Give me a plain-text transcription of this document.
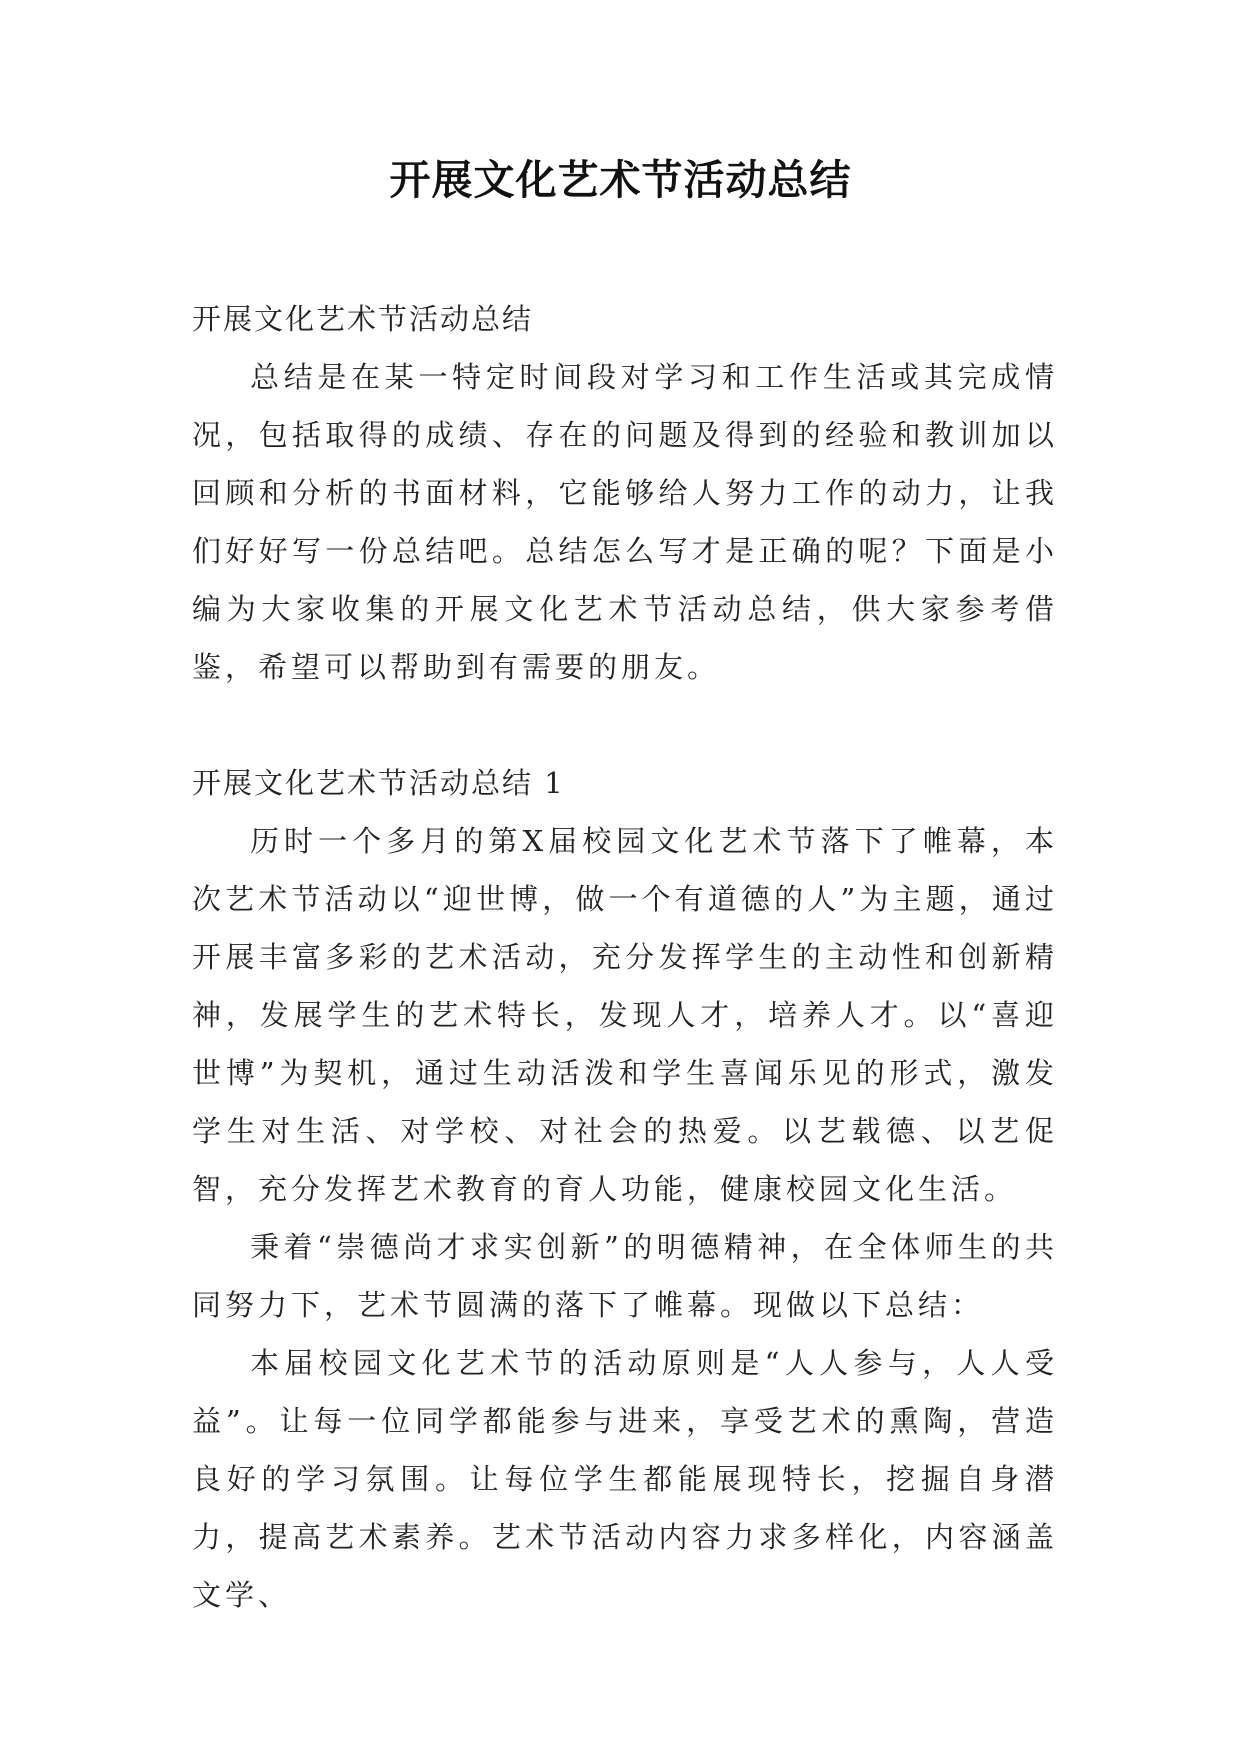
开展文化艺术节活动总结

开展文化艺术节活动总结

总结是在某一特定时间段对学习和工作生活或其完成情况，包括取得的成绩、存在的问题及得到的经验和教训加以回顾和分析的书面材料，它能够给人努力工作的动力，让我们好好写一份总结吧。总结怎么写才是正确的呢？下面是小编为大家收集的开展文化艺术节活动总结，供大家参考借鉴，希望可以帮助到有需要的朋友。

开展文化艺术节活动总结 1

历时一个多月的第X届校园文化艺术节落下了帷幕，本次艺术节活动以“迎世博，做一个有道德的人”为主题，通过开展丰富多彩的艺术活动，充分发挥学生的主动性和创新精神，发展学生的艺术特长，发现人才，培养人才。以“喜迎世博”为契机，通过生动活泼和学生喜闻乐见的形式，激发学生对生活、对学校、对社会的热爱。以艺载德、以艺促智，充分发挥艺术教育的育人功能，健康校园文化生活。

秉着“崇德尚才求实创新”的明德精神，在全体师生的共同努力下，艺术节圆满的落下了帷幕。现做以下总结：

本届校园文化艺术节的活动原则是“人人参与，人人受益”。让每一位同学都能参与进来，享受艺术的熏陶，营造良好的学习氛围。让每位学生都能展现特长，挖掘自身潜力，提高艺术素养。艺术节活动内容力求多样化，内容涵盖文学、
